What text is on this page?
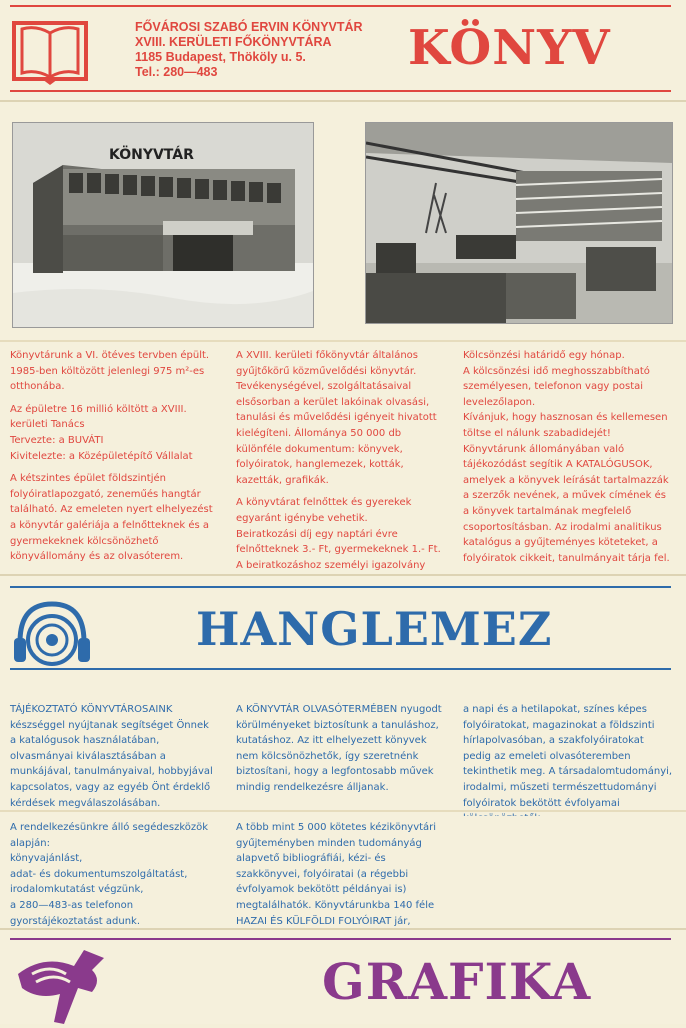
FŐVÁROSI SZABÓ ERVIN KÖNYVTÁR
XVIII. KERÜLETI FŐKÖNYVTÁRA
1185 Budapest, Thököly u. 5.
Tel.: 280—483	KÖNYV
KÖNYVTÁR

Könyvtárunk a VI. ötéves tervben épült. 1985-ben költözött jelenlegi 975 m²-es otthonába.

Az épületre 16 millió költött a XVIII. kerületi Tanács

Tervezte: a BUVÁTI

Kivitelezte: a Középületépítő Vállalat

A kétszintes épület földszintjén folyóiratlapozgató, zeneműés hangtár található. Az emeleten nyert elhelyezést a könyvtár galériája a felnőtteknek és a gyermekeknek kölcsönözhető könyvállomány és az olvasóterem.

A XVIII. kerületi főkönyvtár általános gyűjtőkörű közművelődési könyvtár. Tevékenységével, szolgáltatásaival elsősorban a kerület lakóinak olvasási, tanulási és művelődési igényeit hivatott kielégíteni. Állománya 50 000 db különféle dokumentum: könyvek, folyóiratok, hanglemezek, kották, kazetták, grafikák.

A könyvtárat felnőttek és gyerekek egyaránt igénybe vehetik.

Beiratkozási díj egy naptári évre felnőtteknek 3.- Ft, gyermekeknek 1.- Ft.

A beiratkozáshoz személyi igazolvány

Kölcsönzési határidő egy hónap.

A kölcsönzési idő meghosszabbítható személyesen, telefonon vagy postai levelezőlapon.

Kívánjuk, hogy hasznosan és kellemesen töltse el nálunk szabadidejét!

Könyvtárunk állományában való tájékozódást segítik A KATALÓGUSOK, amelyek a könyvek leírását tartalmazzák a szerzők nevének, a művek címének és a könyvek tartalmának megfelelő csoportosításban. Az irodalmi analitikus katalógus a gyűjteményes köteteket, a folyóiratok cikkeit, tanulmányait tárja fel.

HANGLEMEZ

TÁJÉKOZTATÓ KÖNYVTÁROSAINK készséggel nyújtanak segítséget Önnek a katalógusok használatában, olvasmányai kiválasztásában a munkájával, tanulmányaival, hobbyjával kapcsolatos, vagy az egyéb Önt érdeklő kérdések megválaszolásában.

A KÖNYVTÁR OLVASÓTERMÉBEN nyugodt körülményeket biztosítunk a tanuláshoz, kutatáshoz. Az itt elhelyezett könyvek nem kölcsönözhetők, így szeretnénk biztosítani, hogy a legfontosabb művek mindig rendelkezésre álljanak.

a napi és a hetilapokat, színes képes folyóiratokat, magazinokat a földszinti hírlapolvasóban, a szakfolyóiratokat pedig az emeleti olvasóteremben tekinthetik meg. A társadalomtudományi, irodalmi, műszeti természettudományi folyóiratok bekötött évfolyamai

A rendelkezésünkre álló segédeszközök alapján:

könyvajánlást,

adat- és dokumentumszolgáltatást,

irodalomkutatást végzünk,

a 280—483-as telefonon gyorstájékoztatást adunk.

A több mint 5 000 kötetes kézikönyvtári gyűjteményben minden tudományág alapvető bibliográfiái, kézi- és szakkönyvei, folyóiratai (a régebbi évfolyamok bekötött példányai is) megtalálhatók. Könyvtárunkba 140 féle HAZAI ÉS KÜLFÖLDI FOLYÓIRAT jár,

GRAFIKA
